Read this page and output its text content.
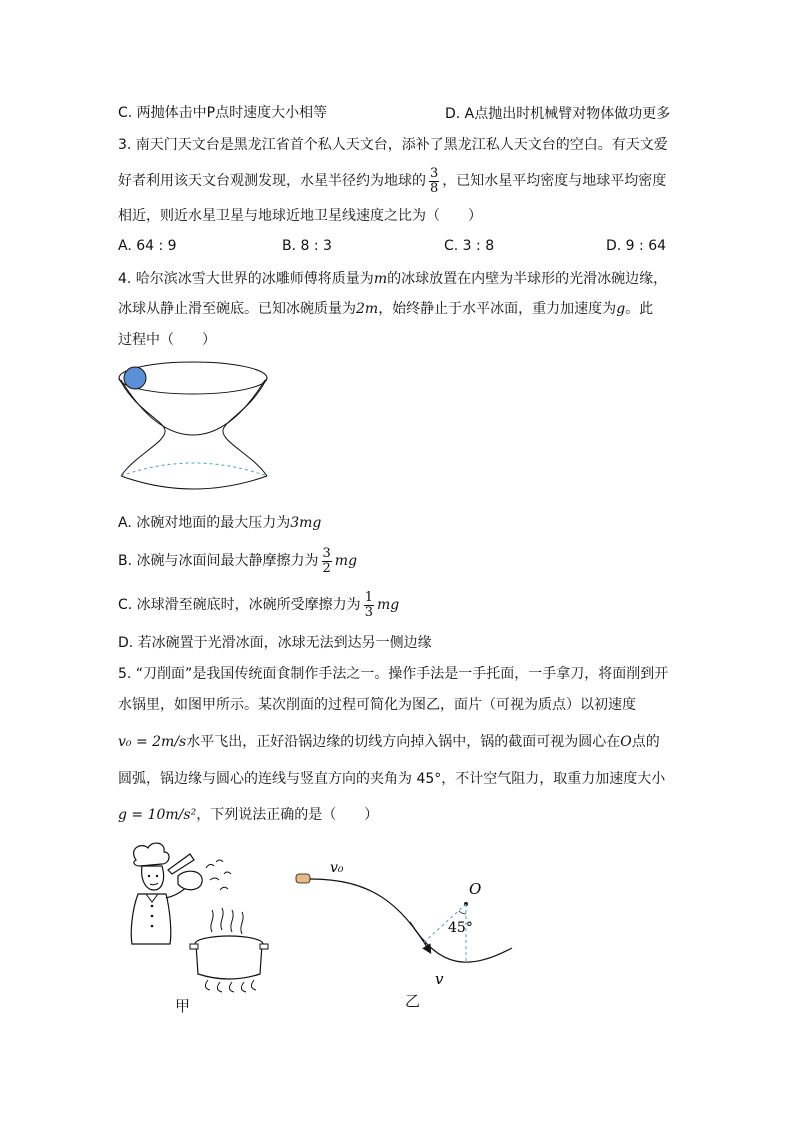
C. 两抛体击中P点时速度大小相等	D. A点抛出时机械臂对物体做功更多
3. 南天门天文台是黑龙江省首个私人天文台，添补了黑龙江私人天文台的空白。有天文爱
好者利用该天文台观测发现，水星半径约为地球的 $\frac{3}{8}$ ，已知水星平均密度与地球平均密度
相近，则近水星卫星与地球近地卫星线速度之比为（　　）
A. 64 : 9	B. 8 : 3	C. 3 : 8	D. 9 : 64
4. 哈尔滨冰雪大世界的冰雕师傅将质量为m的冰球放置在内壁为半球形的光滑冰碗边缘，
冰球从静止滑至碗底。已知冰碗质量为2m，始终静止于水平冰面，重力加速度为g。此
过程中（　　）
A. 冰碗对地面的最大压力为3mg
B. 冰碗与冰面间最大静摩擦力为 $\frac{3}{2}$ mg
C. 冰球滑至碗底时，冰碗所受摩擦力为 $\frac{1}{3}$ mg
D. 若冰碗置于光滑冰面，冰球无法到达另一侧边缘
5. “刀削面”是我国传统面食制作手法之一。操作手法是一手托面，一手拿刀，将面削到开
水锅里，如图甲所示。某次削面的过程可简化为图乙，面片（可视为质点）以初速度
v₀ = 2m/s水平飞出，正好沿锅边缘的切线方向掉入锅中，锅的截面可视为圆心在O点的
圆弧，锅边缘与圆心的连线与竖直方向的夹角为 45°，不计空气阻力，取重力加速度大小
g = 10m/s²，下列说法正确的是（　　）
甲
v₀
O
45°
v
乙
